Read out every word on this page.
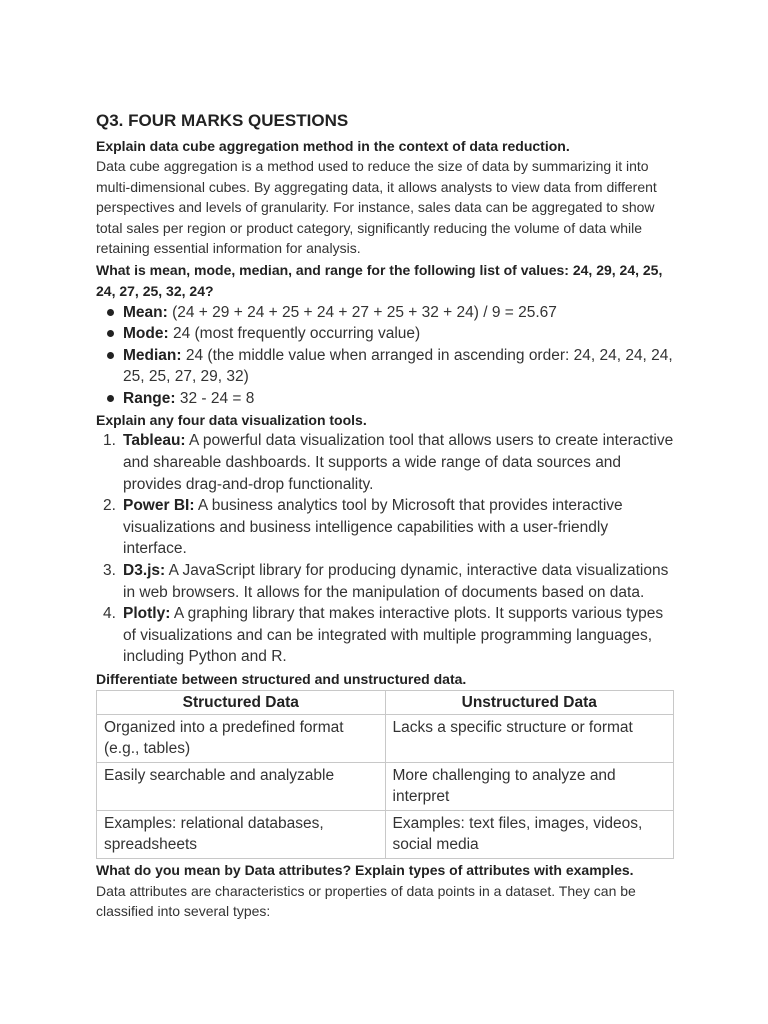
Q3. FOUR MARKS QUESTIONS

Explain data cube aggregation method in the context of data reduction.

Data cube aggregation is a method used to reduce the size of data by summarizing it into multi-dimensional cubes. By aggregating data, it allows analysts to view data from different perspectives and levels of granularity. For instance, sales data can be aggregated to show total sales per region or product category, significantly reducing the volume of data while retaining essential information for analysis.

What is mean, mode, median, and range for the following list of values: 24, 29, 24, 25, 24, 27, 25, 32, 24?

Mean: (24 + 29 + 24 + 25 + 24 + 27 + 25 + 32 + 24) / 9 = 25.67
Mode: 24 (most frequently occurring value)
Median: 24 (the middle value when arranged in ascending order: 24, 24, 24, 24, 25, 25, 27, 29, 32)
Range: 32 - 24 = 8

Explain any four data visualization tools.

1. Tableau: A powerful data visualization tool that allows users to create interactive and shareable dashboards. It supports a wide range of data sources and provides drag-and-drop functionality.
2. Power BI: A business analytics tool by Microsoft that provides interactive visualizations and business intelligence capabilities with a user-friendly interface.
3. D3.js: A JavaScript library for producing dynamic, interactive data visualizations in web browsers. It allows for the manipulation of documents based on data.
4. Plotly: A graphing library that makes interactive plots. It supports various types of visualizations and can be integrated with multiple programming languages, including Python and R.

Differentiate between structured and unstructured data.

Structured Data	Unstructured Data
Organized into a predefined format (e.g., tables)	Lacks a specific structure or format
Easily searchable and analyzable	More challenging to analyze and interpret
Examples: relational databases, spreadsheets	Examples: text files, images, videos, social media

What do you mean by Data attributes? Explain types of attributes with examples.

Data attributes are characteristics or properties of data points in a dataset. They can be classified into several types:
